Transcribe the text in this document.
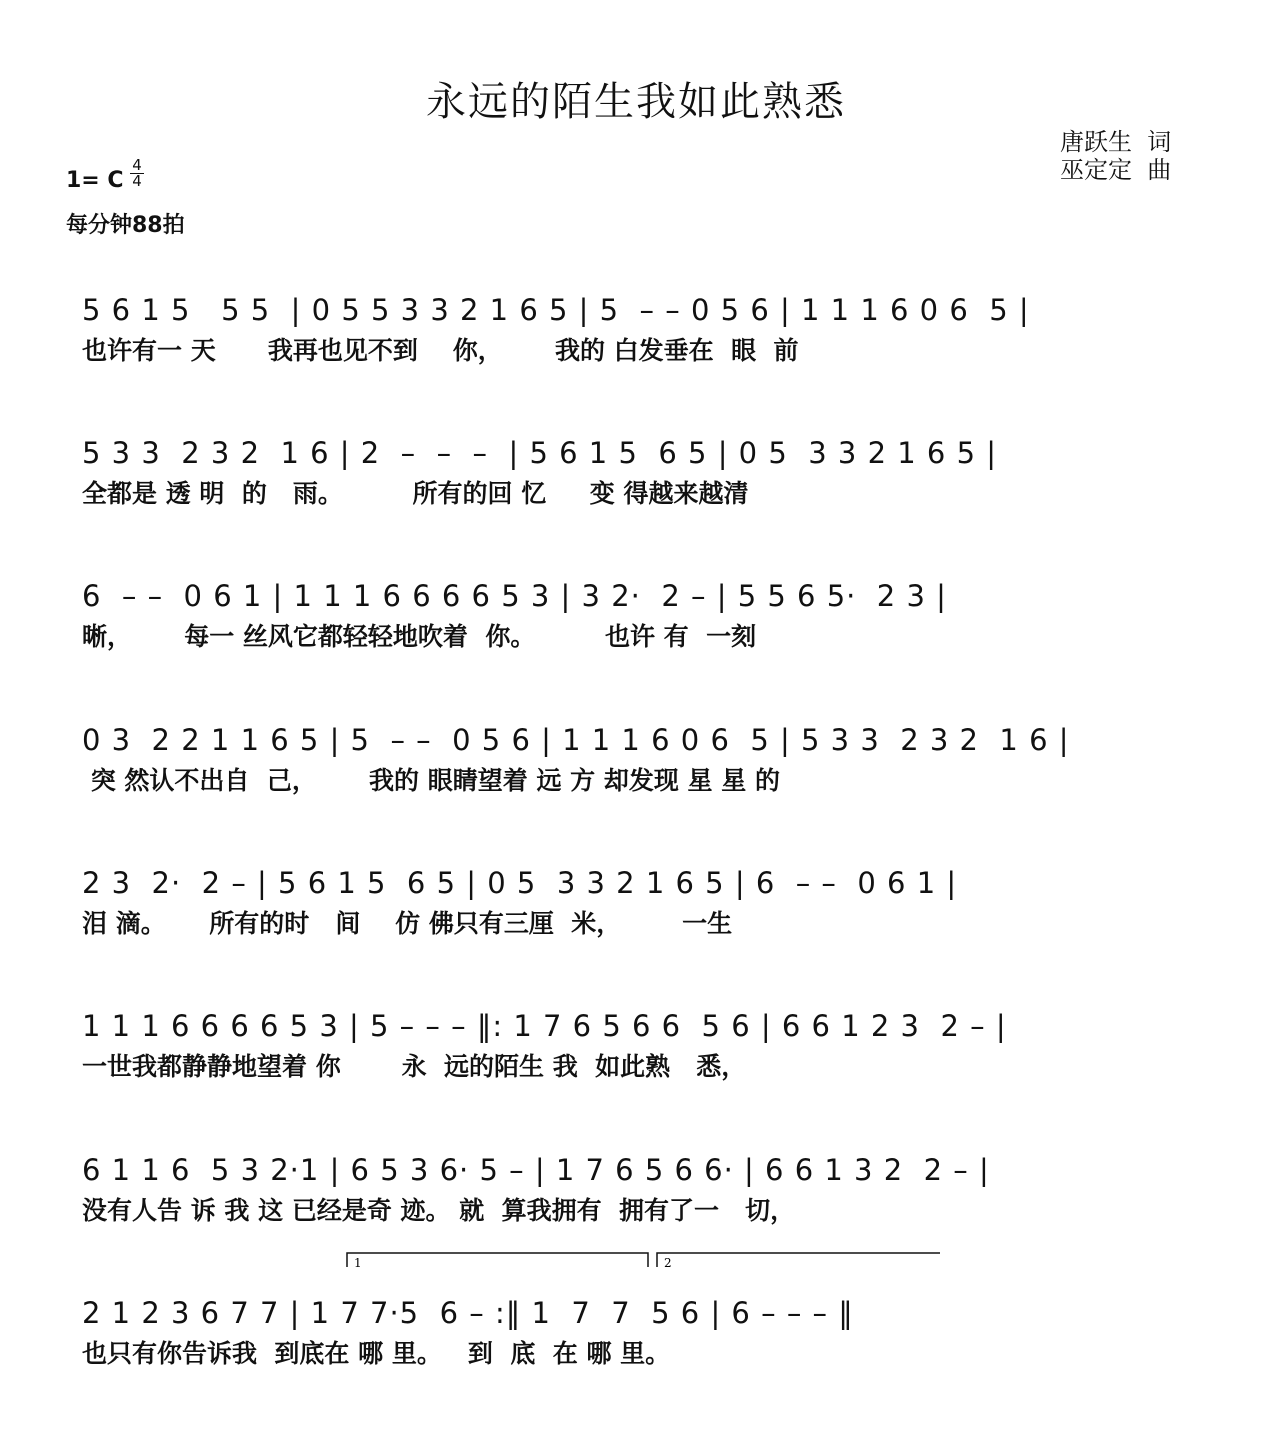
永远的陌生我如此熟悉
唐跃生  词
巫定定  曲
1= C $\frac{4}{4}$
每分钟88拍
5 6 1 5   5 5  | 0 5 5 3 3 2 1 6 5 | 5  – – 0 5 6 | 1 1 1 6 0 6  5 |
也许有一 天      我再也见不到    你，      我的 白发垂在  眼  前
5 3 3  2 3 2  1 6 | 2  –  –  –  | 5 6 1 5  6 5 | 0 5  3 3 2 1 6 5 |
全都是 透 明  的   雨。        所有的回 忆     变 得越来越清
6  – –  0 6 1 | 1 1 1 6 6 6 6 5 3 | 3 2·  2 – | 5 5 6 5·  2 3 |
晰，      每一 丝风它都轻轻地吹着  你。        也许 有  一刻
0 3  2 2 1 1 6 5 | 5  – –  0 5 6 | 1 1 1 6 0 6  5 | 5 3 3  2 3 2  1 6 |
突 然认不出自  己，      我的 眼睛望着 远 方 却发现 星 星 的
2 3  2·  2 – | 5 6 1 5  6 5 | 0 5  3 3 2 1 6 5 | 6  – –  0 6 1 |
泪 滴。     所有的时   间    仿 佛只有三厘  米，       一生
1 1 1 6 6 6 6 5 3 | 5 – – – ‖: 1 7 6 5 6 6  5 6 | 6 6 1 2 3  2 – |
一世我都静静地望着 你       永  远的陌生 我  如此熟   悉，
6 1 1 6  5 3 2·1 | 6 5 3 6· 5 – | 1 7 6 5 6 6· | 6 6 1 3 2  2 – |
没有人告 诉 我 这 已经是奇 迹。 就  算我拥有  拥有了一   切，
2 1 2 3 6 7 7 | 1 7 7·5  6 – :‖ 1  7  7  5 6 | 6 – – – ‖
也只有你告诉我  到底在 哪 里。   到  底  在 哪 里。
1	2
